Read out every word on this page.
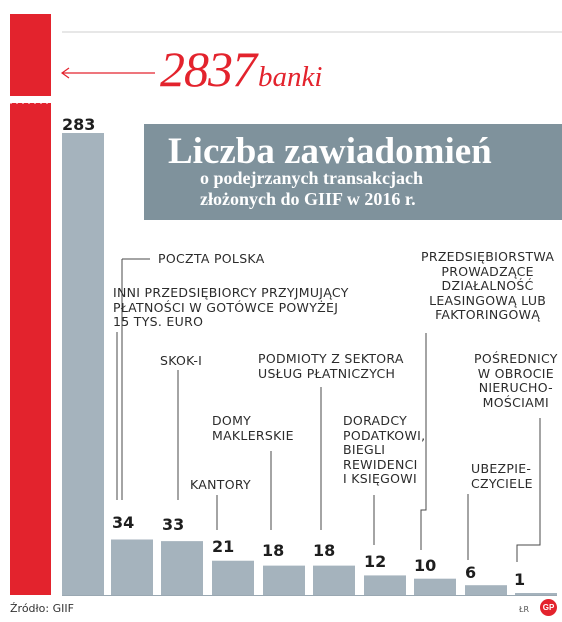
2837banki
Liczba zawiadomień
o podejrzanych transakcjach
złożonych do GIIF w 2016 r.
POCZTA POLSKA
INNI PRZEDSIĘBIORCY PRZYJMUJĄCY
PŁATNOŚCI W GOTÓWCE POWYŻEJ
15 TYS. EURO
SKOK-I
KANTORY
DOMY
MAKLERSKIE
PODMIOTY Z SEKTORA
USŁUG PŁATNICZYCH
DORADCY
PODATKOWI,
BIEGLI
REWIDENCI
I KSIĘGOWI
PRZEDSIĘBIORSTWA
PROWADZĄCE
DZIAŁALNOŚĆ
LEASINGOWĄ LUB
FAKTORINGOWĄ
UBEZPIE-
CZYCIELE
POŚREDNICY
W OBROCIE
NIERUCHO-
MOŚCIAMI
283
34 33
21 18 18
12 10 6 1
Źródło: GIIF	ŁR	GP
